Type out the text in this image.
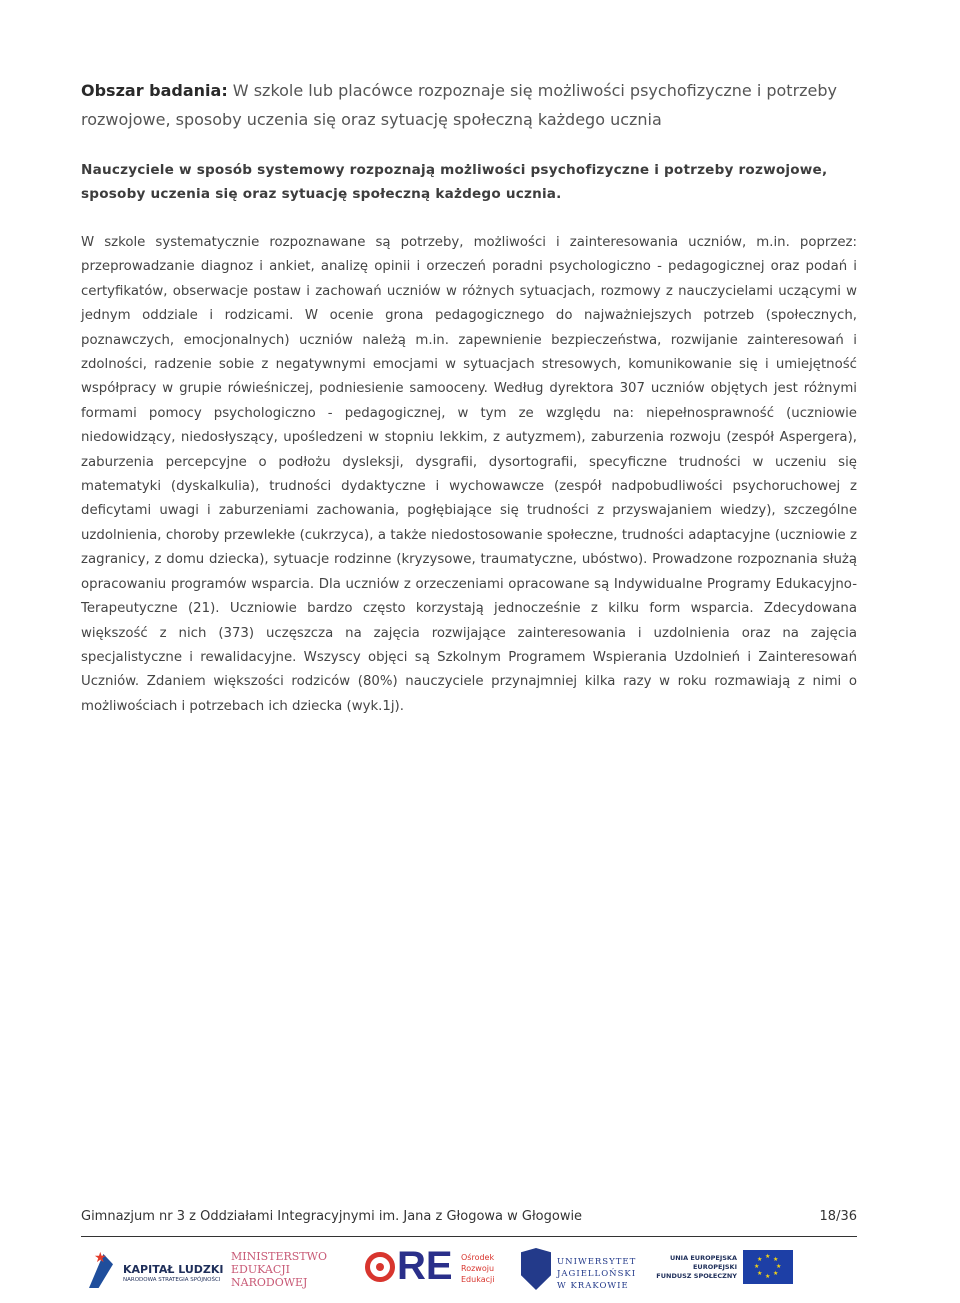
Obszar badania: W szkole lub placówce rozpoznaje się możliwości psychofizyczne i potrzeby rozwojowe, sposoby uczenia się oraz sytuację społeczną każdego ucznia
Nauczyciele w sposób systemowy rozpoznają możliwości psychofizyczne i potrzeby rozwojowe, sposoby uczenia się oraz sytuację społeczną każdego ucznia.
W szkole systematycznie rozpoznawane są potrzeby, możliwości i zainteresowania uczniów, m.in. poprzez: przeprowadzanie diagnoz i ankiet, analizę opinii i orzeczeń poradni psychologiczno - pedagogicznej oraz podań i certyfikatów, obserwacje postaw i zachowań uczniów w różnych sytuacjach, rozmowy z nauczycielami uczącymi w jednym oddziale i rodzicami. W ocenie grona pedagogicznego do najważniejszych potrzeb (społecznych, poznawczych, emocjonalnych) uczniów należą m.in. zapewnienie bezpieczeństwa, rozwijanie zainteresowań i zdolności, radzenie sobie z negatywnymi emocjami w sytuacjach stresowych, komunikowanie się i umiejętność współpracy w grupie rówieśniczej, podniesienie samooceny. Według dyrektora 307 uczniów objętych jest różnymi formami pomocy psychologiczno - pedagogicznej, w tym ze względu na: niepełnosprawność (uczniowie niedowidzący, niedosłyszący, upośledzeni w stopniu lekkim, z autyzmem), zaburzenia rozwoju (zespół Aspergera), zaburzenia percepcyjne o podłożu dysleksji, dysgrafii, dysortografii, specyficzne trudności w uczeniu się matematyki (dyskalkulia), trudności dydaktyczne i wychowawcze (zespół nadpobudliwości psychoruchowej z deficytami uwagi i zaburzeniami zachowania, pogłębiające się trudności z przyswajaniem wiedzy), szczególne uzdolnienia, choroby przewlekłe (cukrzyca), a także niedostosowanie społeczne, trudności adaptacyjne (uczniowie z zagranicy, z domu dziecka), sytuacje rodzinne (kryzysowe, traumatyczne, ubóstwo). Prowadzone rozpoznania służą opracowaniu programów wsparcia. Dla uczniów z orzeczeniami opracowane są Indywidualne Programy Edukacyjno-Terapeutyczne (21). Uczniowie bardzo często korzystają jednocześnie z kilku form wsparcia. Zdecydowana większość z nich (373) uczęszcza na zajęcia rozwijające zainteresowania i uzdolnienia oraz na zajęcia specjalistyczne i rewalidacyjne. Wszyscy objęci są Szkolnym Programem Wspierania Uzdolnień i Zainteresowań Uczniów. Zdaniem większości rodziców (80%) nauczyciele przynajmniej kilka razy w roku rozmawiają z nimi o możliwościach i potrzebach ich dziecka (wyk.1j).
Gimnazjum nr 3 z Oddziałami Integracyjnymi im. Jana z Głogowa w Głogowie	18/36
★
KAPITAŁ LUDZKI
NARODOWA STRATEGIA SPÓJNOŚCI
MINISTERSTWO
EDUKACJI
NARODOWEJ	RE Ośrodek
Rozwoju
Edukacji
UNIWERSYTET
JAGIELLOŃSKI
W KRAKOWIE
UNIA EUROPEJSKA
EUROPEJSKI
FUNDUSZ SPOŁECZNY
★ ★
★
★
★
★
★
★
